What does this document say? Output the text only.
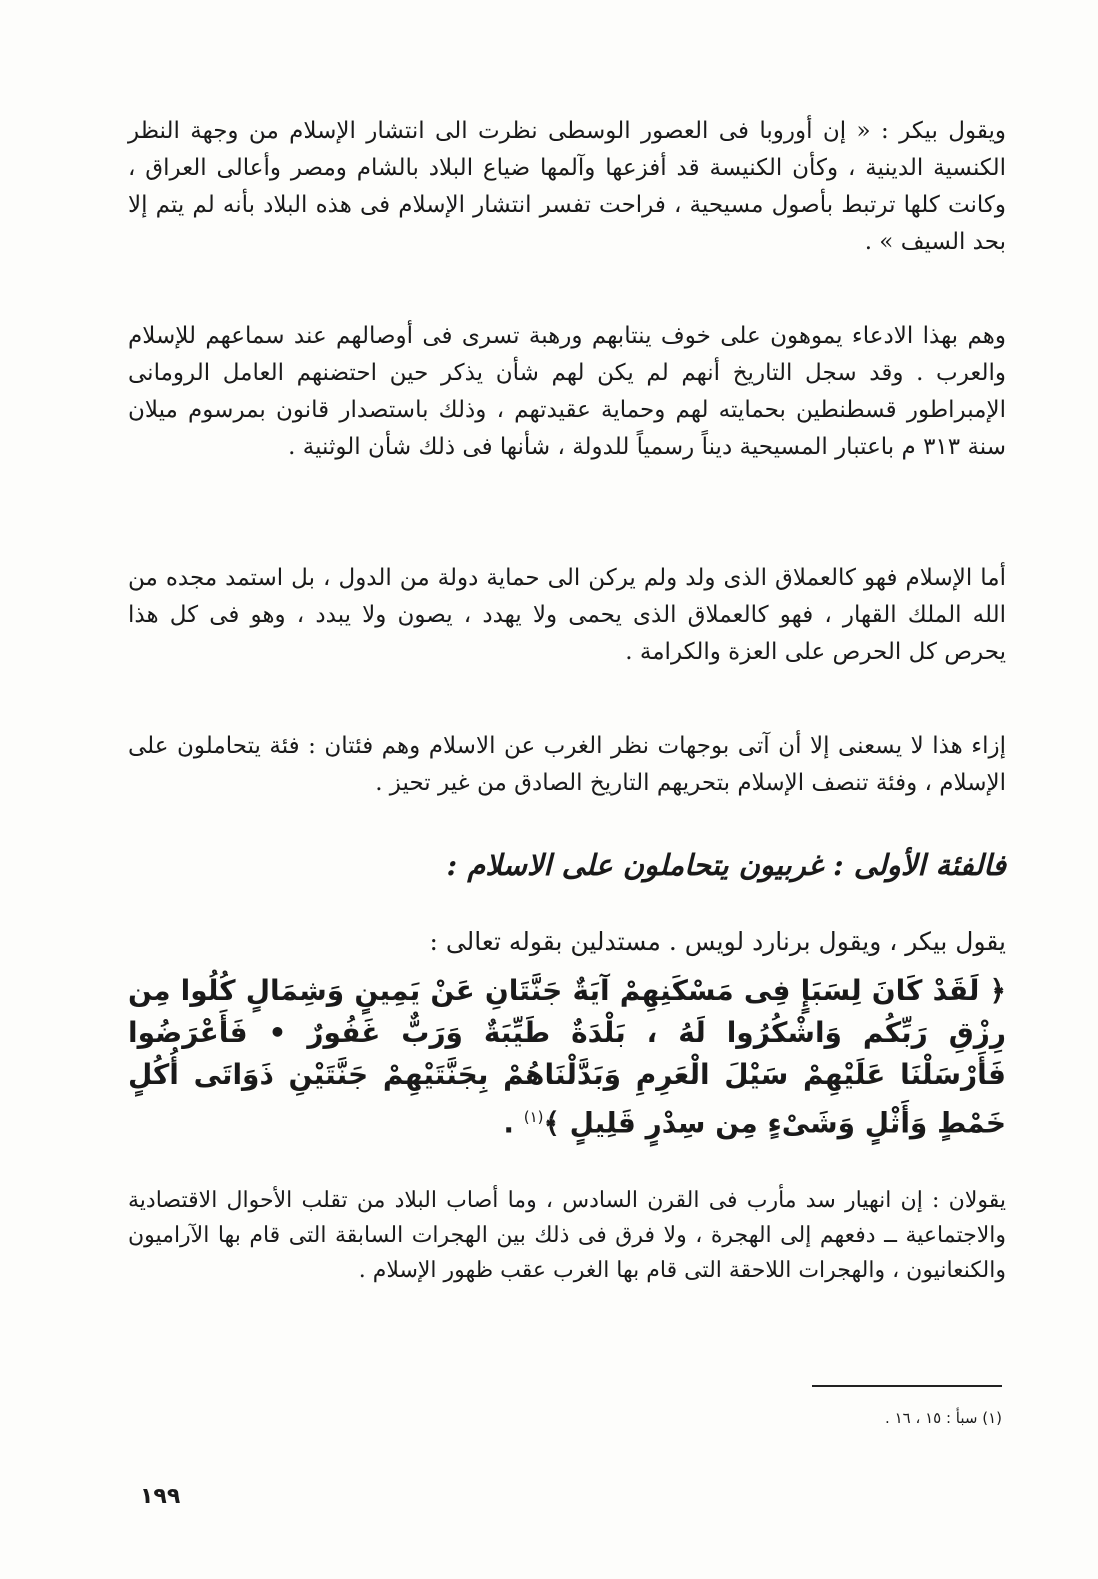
ويقول بيكر : « إن أوروبا فى العصور الوسطى نظرت الى انتشار الإسلام من وجهة النظر الكنسية الدينية ، وكأن الكنيسة قد أفزعها وآلمها ضياع البلاد بالشام ومصر وأعالى العراق ، وكانت كلها ترتبط بأصول مسيحية ، فراحت تفسر انتشار الإسلام فى هذه البلاد بأنه لم يتم إلا بحد السيف » .

وهم بهذا الادعاء يموهون على خوف ينتابهم ورهبة تسرى فى أوصالهم عند سماعهم للإسلام والعرب . وقد سجل التاريخ أنهم لم يكن لهم شأن يذكر حين احتضنهم العامل الرومانى الإمبراطور قسطنطين بحمايته لهم وحماية عقيدتهم ، وذلك باستصدار قانون بمرسوم ميلان سنة ٣١٣ م باعتبار المسيحية ديناً رسمياً للدولة ، شأنها فى ذلك شأن الوثنية .

أما الإسلام فهو كالعملاق الذى ولد ولم يركن الى حماية دولة من الدول ، بل استمد مجده من الله الملك القهار ، فهو كالعملاق الذى يحمى ولا يهدد ، يصون ولا يبدد ، وهو فى كل هذا يحرص كل الحرص على العزة والكرامة .

إزاء هذا لا يسعنى إلا أن آتى بوجهات نظر الغرب عن الاسلام وهم فئتان : فئة يتحاملون على الإسلام ، وفئة تنصف الإسلام بتحريهم التاريخ الصادق من غير تحيز .

فالفئة الأولى : غربيون يتحاملون على الاسلام :

يقول بيكر ، ويقول برنارد لويس . مستدلين بقوله تعالى :

﴿ لَقَدْ كَانَ لِسَبَإٍ فِى مَسْكَنِهِمْ آيَةٌ جَنَّتَانِ عَنْ يَمِينٍ وَشِمَالٍ كُلُوا مِن رِزْقِ رَبِّكُم وَاشْكُرُوا لَهُ ، بَلْدَةٌ طَيِّبَةٌ وَرَبٌّ غَفُورٌ • فَأَعْرَضُوا فَأَرْسَلْنَا عَلَيْهِمْ سَيْلَ الْعَرِمِ وَبَدَّلْنَاهُمْ بِجَنَّتَيْهِمْ جَنَّتَيْنِ ذَوَاتَى أُكُلٍ خَمْطٍ وَأَثْلٍ وَشَىْءٍ مِن سِدْرٍ قَلِيلٍ ﴾$^{(١)}$ .

يقولان : إن انهيار سد مأرب فى القرن السادس ، وما أصاب البلاد من تقلب الأحوال الاقتصادية والاجتماعية ــ دفعهم إلى الهجرة ، ولا فرق فى ذلك بين الهجرات السابقة التى قام بها الآراميون والكنعانيون ، والهجرات اللاحقة التى قام بها الغرب عقب ظهور الإسلام .

(١) سبأ : ١٥ ، ١٦ .

١٩٩
